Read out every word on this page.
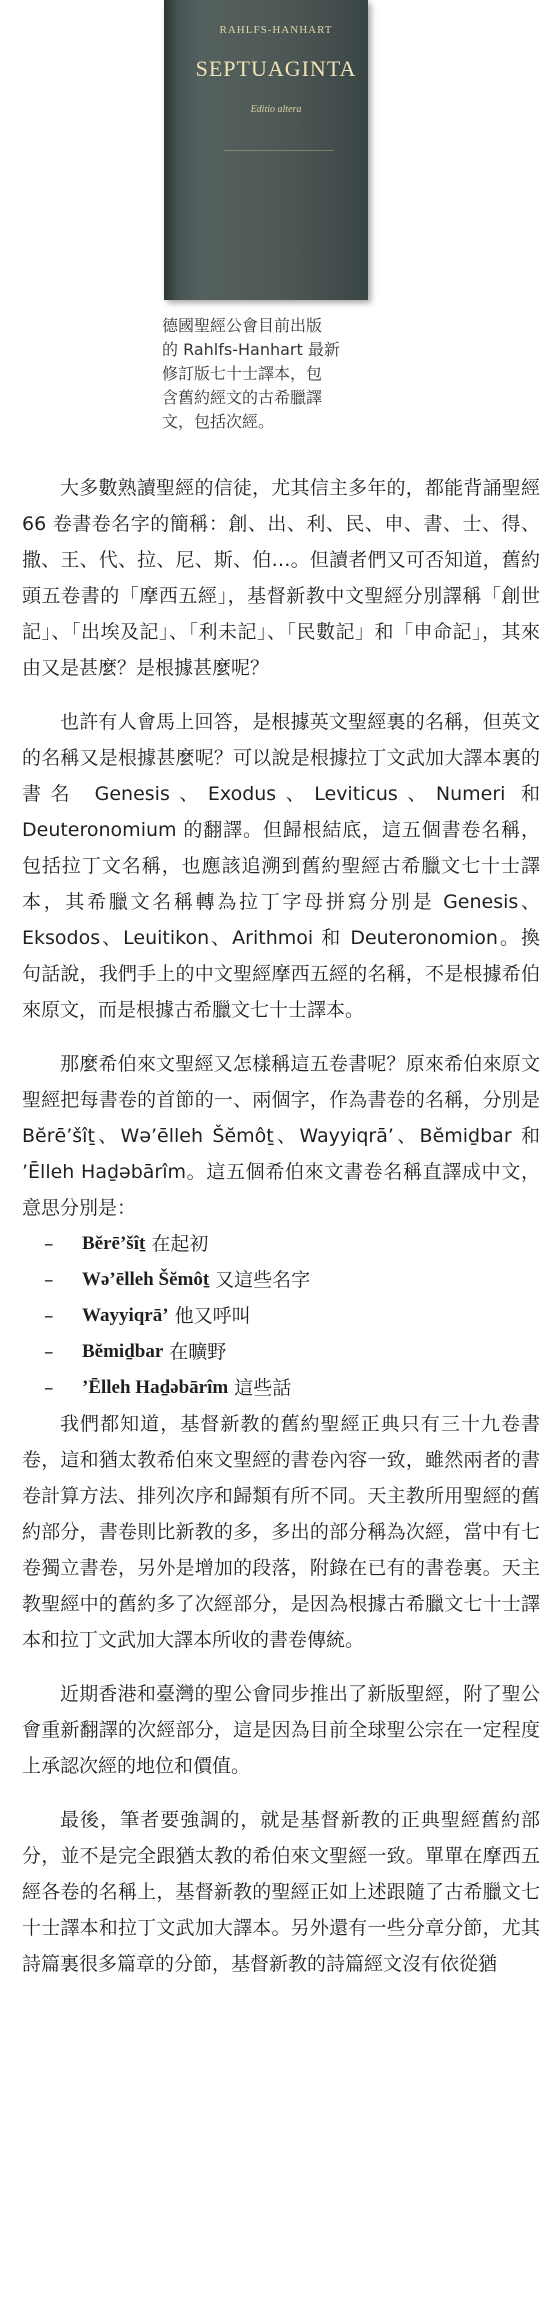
RAHLFS-HANHART
SEPTUAGINTA
Editio altera
德國聖經公會目前出版
的 Rahlfs-Hanhart 最新
修訂版七十士譯本，包
含舊約經文的古希臘譯
文，包括次經。

大多數熟讀聖經的信徒，尤其信主多年的，都能背誦聖經 66 卷書卷名字的簡稱：創、出、利、民、申、書、士、得、撒、王、代、拉、尼、斯、伯…。但讀者們又可否知道，舊約頭五卷書的「摩西五經」，基督新教中文聖經分別譯稱「創世記」、「出埃及記」、「利未記」、「民數記」和「申命記」，其來由又是甚麼？是根據甚麼呢？

也許有人會馬上回答，是根據英文聖經裏的名稱，但英文的名稱又是根據甚麼呢？可以說是根據拉丁文武加大譯本裏的書名 Genesis、Exodus、Leviticus、Numeri 和 Deuteronomium 的翻譯。但歸根結底，這五個書卷名稱，包括拉丁文名稱，也應該追溯到舊約聖經古希臘文七十士譯本，其希臘文名稱轉為拉丁字母拼寫分別是 Genesis、Eksodos、Leuitikon、Arithmoi 和 Deuteronomion。換句話說，我們手上的中文聖經摩西五經的名稱，不是根據希伯來原文，而是根據古希臘文七十士譯本。

那麼希伯來文聖經又怎樣稱這五卷書呢？原來希伯來原文聖經把每書卷的首節的一、兩個字，作為書卷的名稱，分別是 Bĕrē’šîṯ、Wə’ēlleh Šĕmôṯ、Wayyiqrā’、Bĕmiḏbar 和 ’Ēlleh Haḏəbārîm。這五個希伯來文書卷名稱直譯成中文，意思分別是：

–	Bĕrē’šîṯ 在起初
–	Wə’ēlleh Šĕmôṯ 又這些名字
–	Wayyiqrā’ 他又呼叫
–	Bĕmiḏbar 在曠野
–	’Ēlleh Haḏəbārîm 這些話

我們都知道，基督新教的舊約聖經正典只有三十九卷書卷，這和猶太教希伯來文聖經的書卷內容一致，雖然兩者的書卷計算方法、排列次序和歸類有所不同。天主教所用聖經的舊約部分，書卷則比新教的多，多出的部分稱為次經，當中有七卷獨立書卷，另外是增加的段落，附錄在已有的書卷裏。天主教聖經中的舊約多了次經部分，是因為根據古希臘文七十士譯本和拉丁文武加大譯本所收的書卷傳統。

近期香港和臺灣的聖公會同步推出了新版聖經，附了聖公會重新翻譯的次經部分，這是因為目前全球聖公宗在一定程度上承認次經的地位和價值。

最後，筆者要強調的，就是基督新教的正典聖經舊約部分，並不是完全跟猶太教的希伯來文聖經一致。單單在摩西五經各卷的名稱上，基督新教的聖經正如上述跟隨了古希臘文七十士譯本和拉丁文武加大譯本。另外還有一些分章分節，尤其詩篇裏很多篇章的分節，基督新教的詩篇經文沒有依從猶
